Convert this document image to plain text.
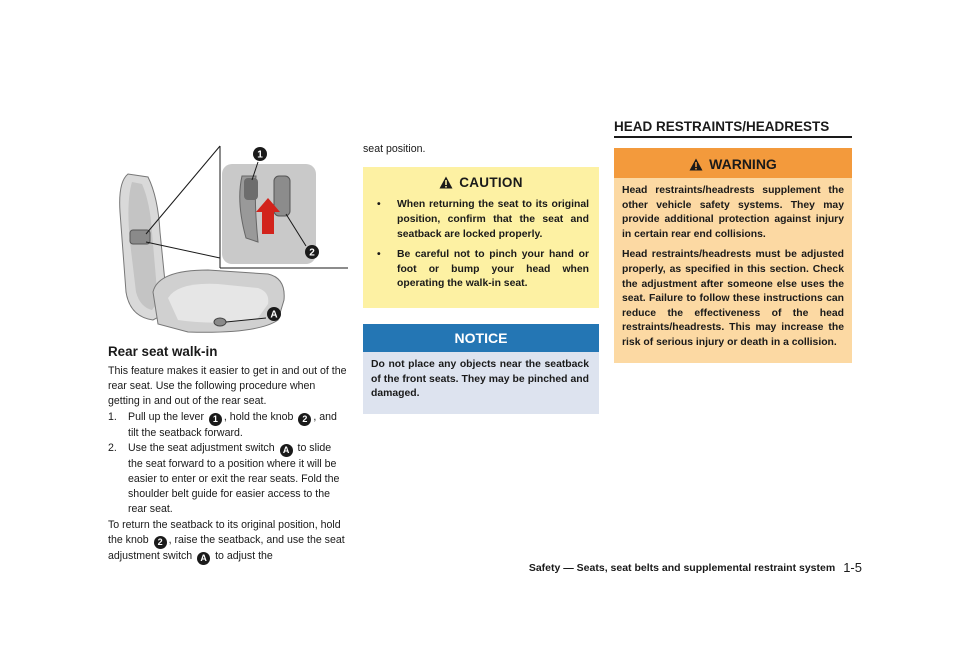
1
2
A
Rear seat walk-in

This feature makes it easier to get in and out of the rear seat. Use the following procedure when getting in and out of the rear seat.

1. Pull up the lever 1 , hold the knob 2 , and tilt the seatback forward.
2. Use the seat adjustment switch A to slide the seat forward to a position where it will be easier to enter or exit the rear seats. Fold the shoulder belt guide for easier access to the rear seat.

To return the seatback to its original position, hold the knob 2 , raise the seatback, and use the seat adjustment switch A to adjust the

seat position.

CAUTION
• When returning the seat to its original position, confirm that the seat and seatback are locked properly.
• Be careful not to pinch your hand or foot or bump your head when operating the walk-in seat.
NOTICE
Do not place any objects near the seatback of the front seats. They may be pinched and damaged.
HEAD RESTRAINTS/HEADRESTS
WARNING

Head restraints/headrests supplement the other vehicle safety systems. They may provide additional protection against injury in certain rear end collisions.

Head restraints/headrests must be adjusted properly, as specified in this section. Check the adjustment after someone else uses the seat. Failure to follow these instructions can reduce the effectiveness of the head restraints/headrests. This may increase the risk of serious injury or death in a collision.

Safety — Seats, seat belts and supplemental restraint system 1-5
